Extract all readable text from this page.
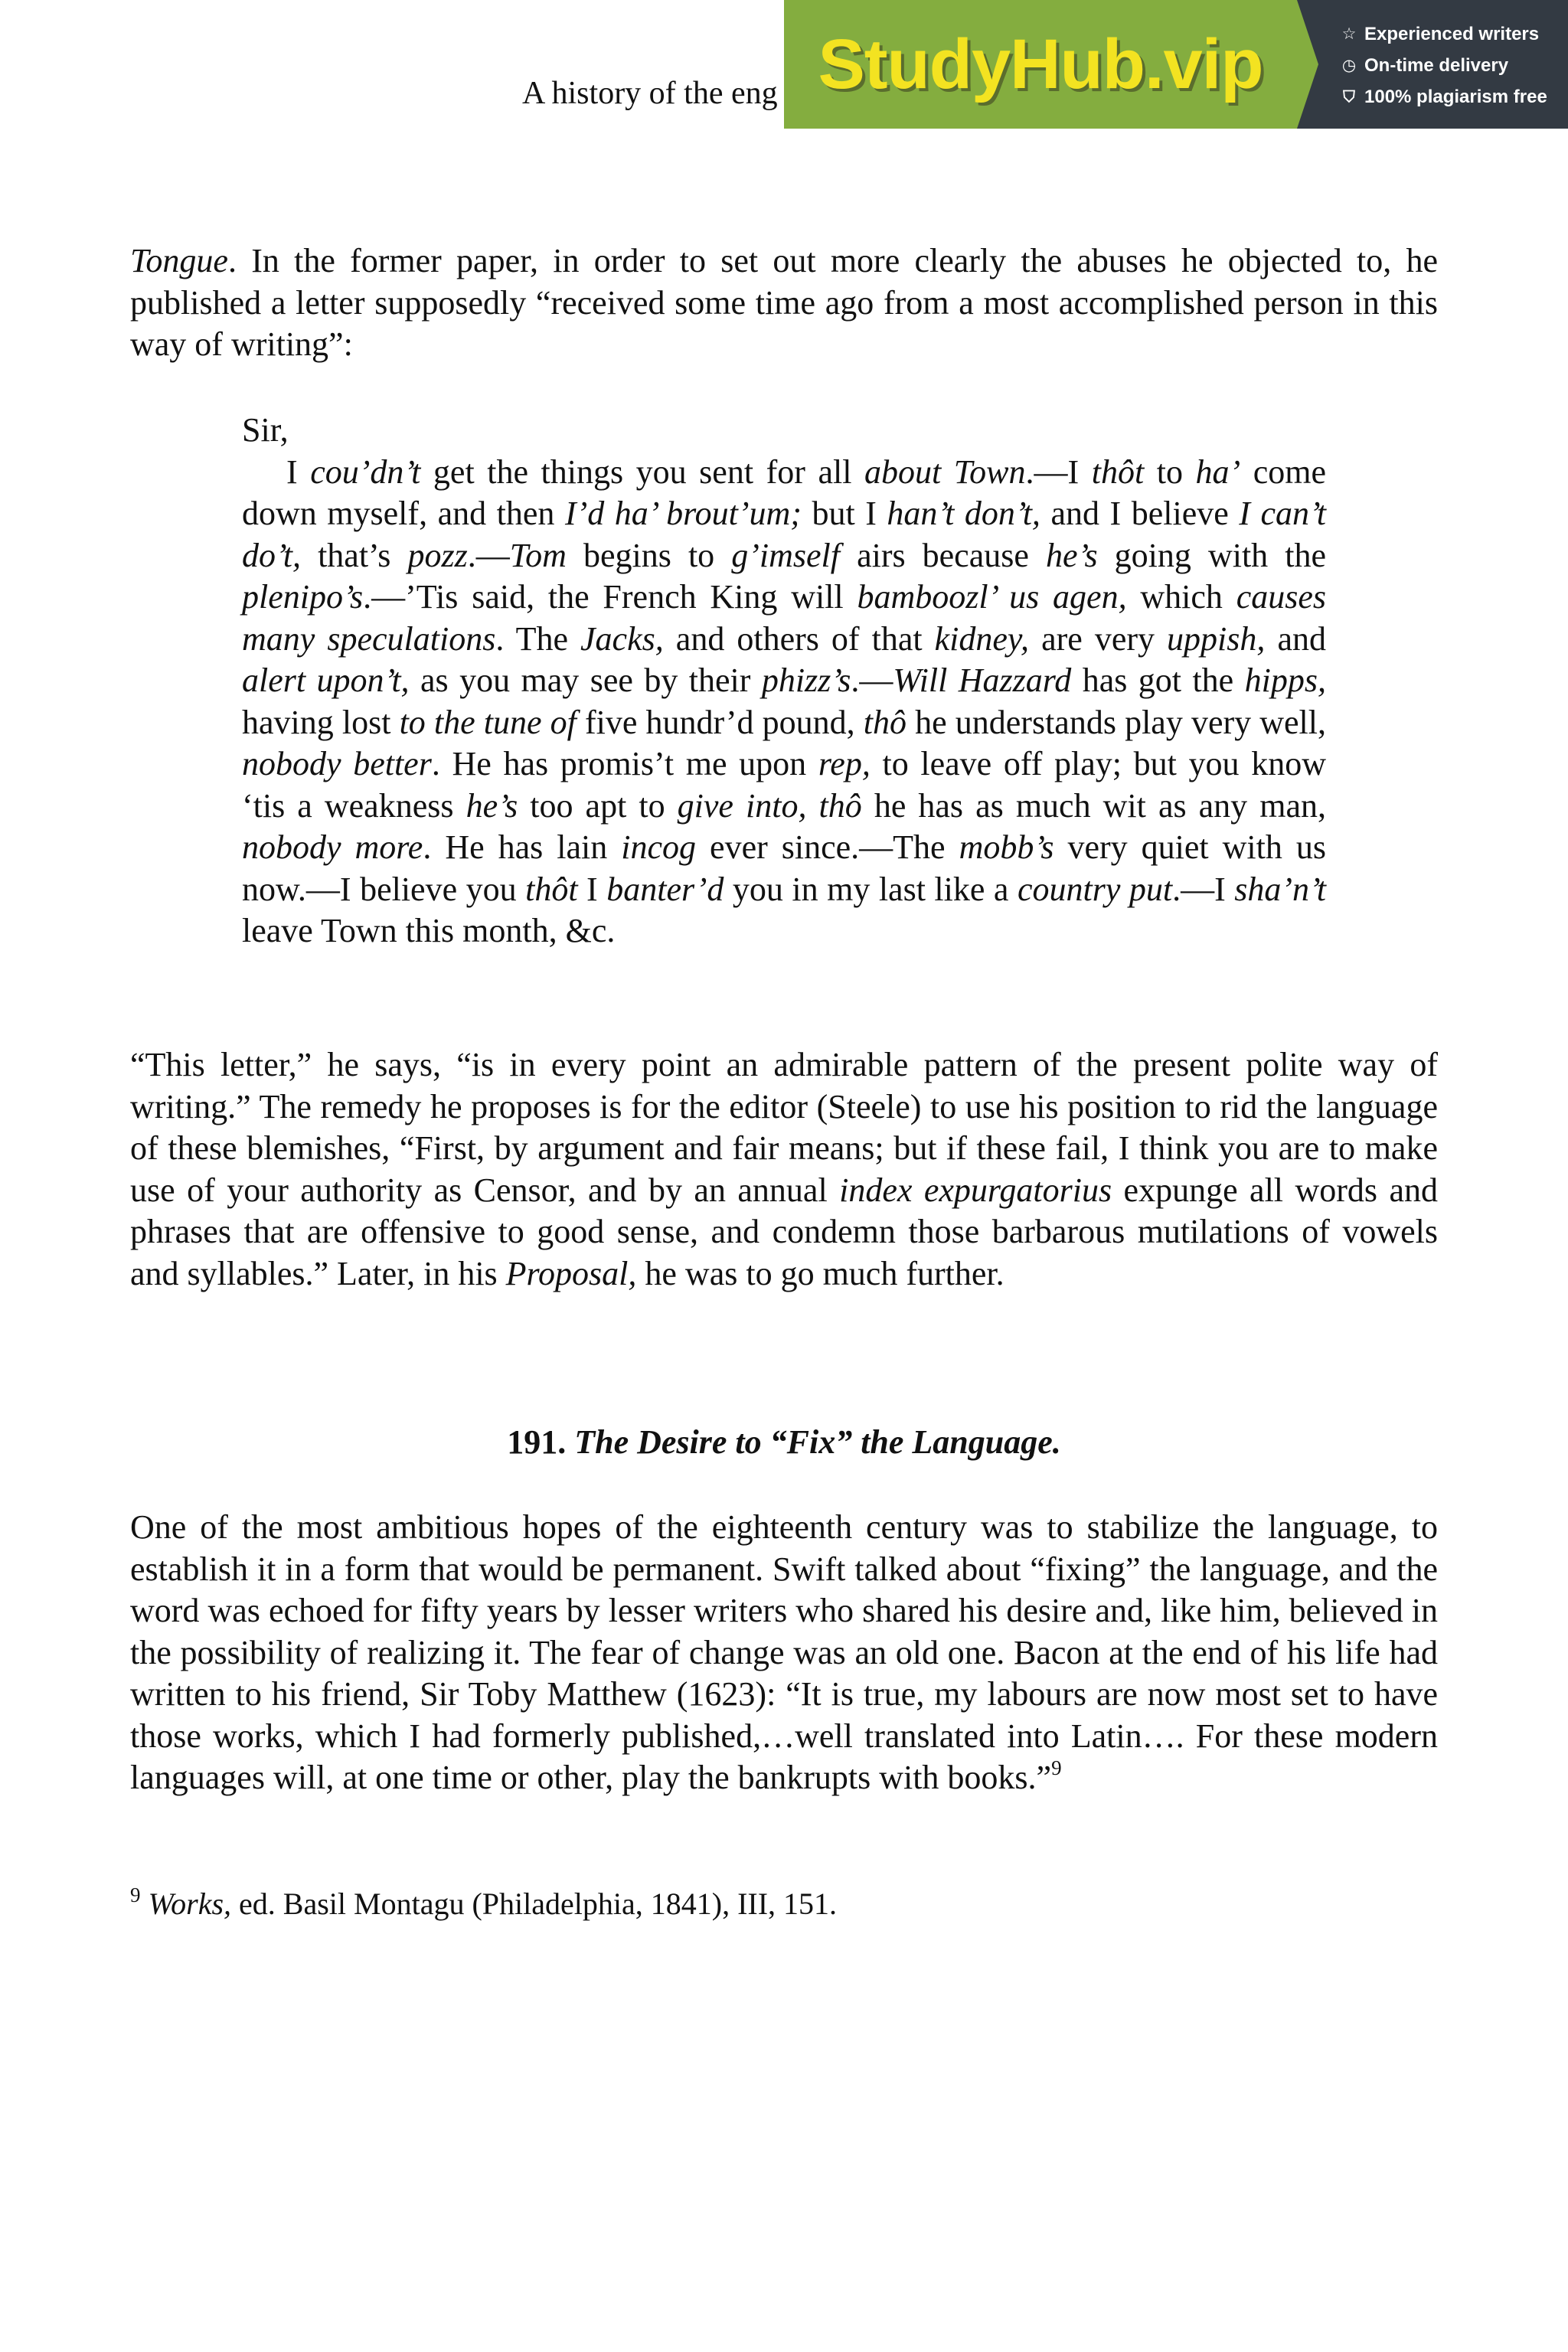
A history of the eng StudyHub.vip	☆ Experienced writers
◷ On-time delivery
⛉ 100% plagiarism free

Tongue. In the former paper, in order to set out more clearly the abuses he objected to, he published a letter supposedly “received some time ago from a most accomplished person in this way of writing”:

Sir,

I cou’dn’t get the things you sent for all about Town.—I thôt to ha’ come down myself, and then I’d ha’ brout’um; but I han’t don’t, and I believe I can’t do’t, that’s pozz.—Tom begins to g’imself airs because he’s going with the plenipo’s.—’Tis said, the French King will bamboozl’ us agen, which causes many speculations. The Jacks, and others of that kidney, are very uppish, and alert upon’t, as you may see by their phizz’s.—Will Hazzard has got the hipps, having lost to the tune of five hundr’d pound, thô he understands play very well, nobody better. He has promis’t me upon rep, to leave off play; but you know ‘tis a weakness he’s too apt to give into, thô he has as much wit as any man, nobody more. He has lain incog ever since.—The mobb’s very quiet with us now.—I believe you thôt I banter’d you in my last like a country put.—I sha’n’t leave Town this month, &c.

“This letter,” he says, “is in every point an admirable pattern of the present polite way of writing.” The remedy he proposes is for the editor (Steele) to use his position to rid the language of these blemishes, “First, by argument and fair means; but if these fail, I think you are to make use of your authority as Censor, and by an annual index expurgatorius expunge all words and phrases that are offensive to good sense, and condemn those barbarous mutilations of vowels and syllables.” Later, in his Proposal, he was to go much further.

191. The Desire to “Fix” the Language.

One of the most ambitious hopes of the eighteenth century was to stabilize the language, to establish it in a form that would be permanent. Swift talked about “fixing” the language, and the word was echoed for fifty years by lesser writers who shared his desire and, like him, believed in the possibility of realizing it. The fear of change was an old one. Bacon at the end of his life had written to his friend, Sir Toby Matthew (1623): “It is true, my labours are now most set to have those works, which I had formerly published,…well translated into Latin…. For these modern languages will, at one time or other, play the bankrupts with books.”$^9$

$^9$ Works, ed. Basil Montagu (Philadelphia, 1841), III, 151.
